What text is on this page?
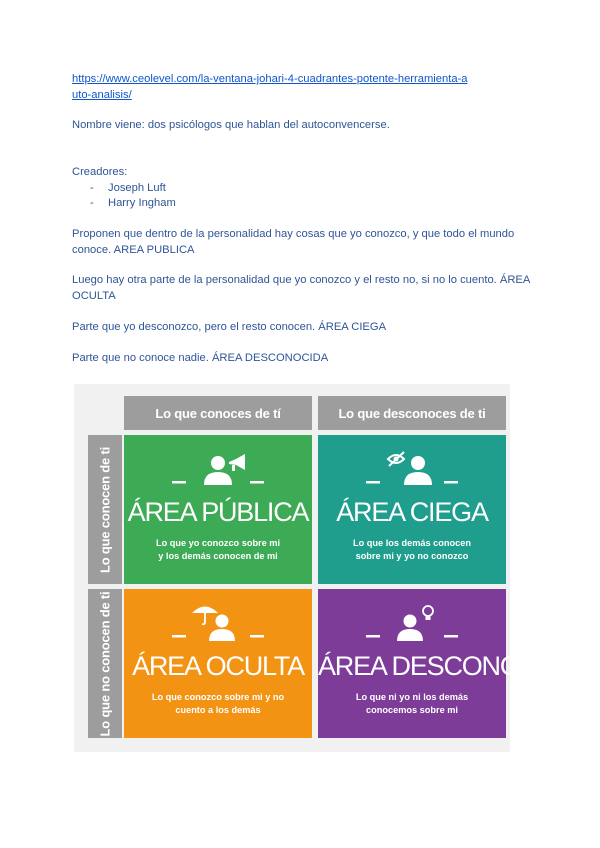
https://www.ceolevel.com/la-ventana-johari-4-cuadrantes-potente-herramienta-a
uto-analisis/
Nombre viene: dos psicólogos que hablan del autoconvencerse.
Creadores:
- Joseph Luft
- Harry Ingham
Proponen que dentro de la personalidad hay cosas que yo conozco, y que todo el mundo conoce. AREA PUBLICA
Luego hay otra parte de la personalidad que yo conozco y el resto no, si no lo cuento. ÁREA OCULTA
Parte que yo desconozco, pero el resto conocen. ÁREA CIEGA
Parte que no conoce nadie. ÁREA DESCONOCIDA
Lo que conoces de tí	Lo que desconoces de ti
Lo que conocen de ti
Lo que no conocen de ti
ÁREA PÚBLICA
Lo que yo conozco sobre mi
y los demás conocen de mi
ÁREA CIEGA
Lo que los demás conocen
sobre mi y yo no conozco
ÁREA OCULTA
Lo que conozco sobre mi y no
cuento a los demás
ÁREA DESCONOCIDA
Lo que ni yo ni los demás
conocemos sobre mi
